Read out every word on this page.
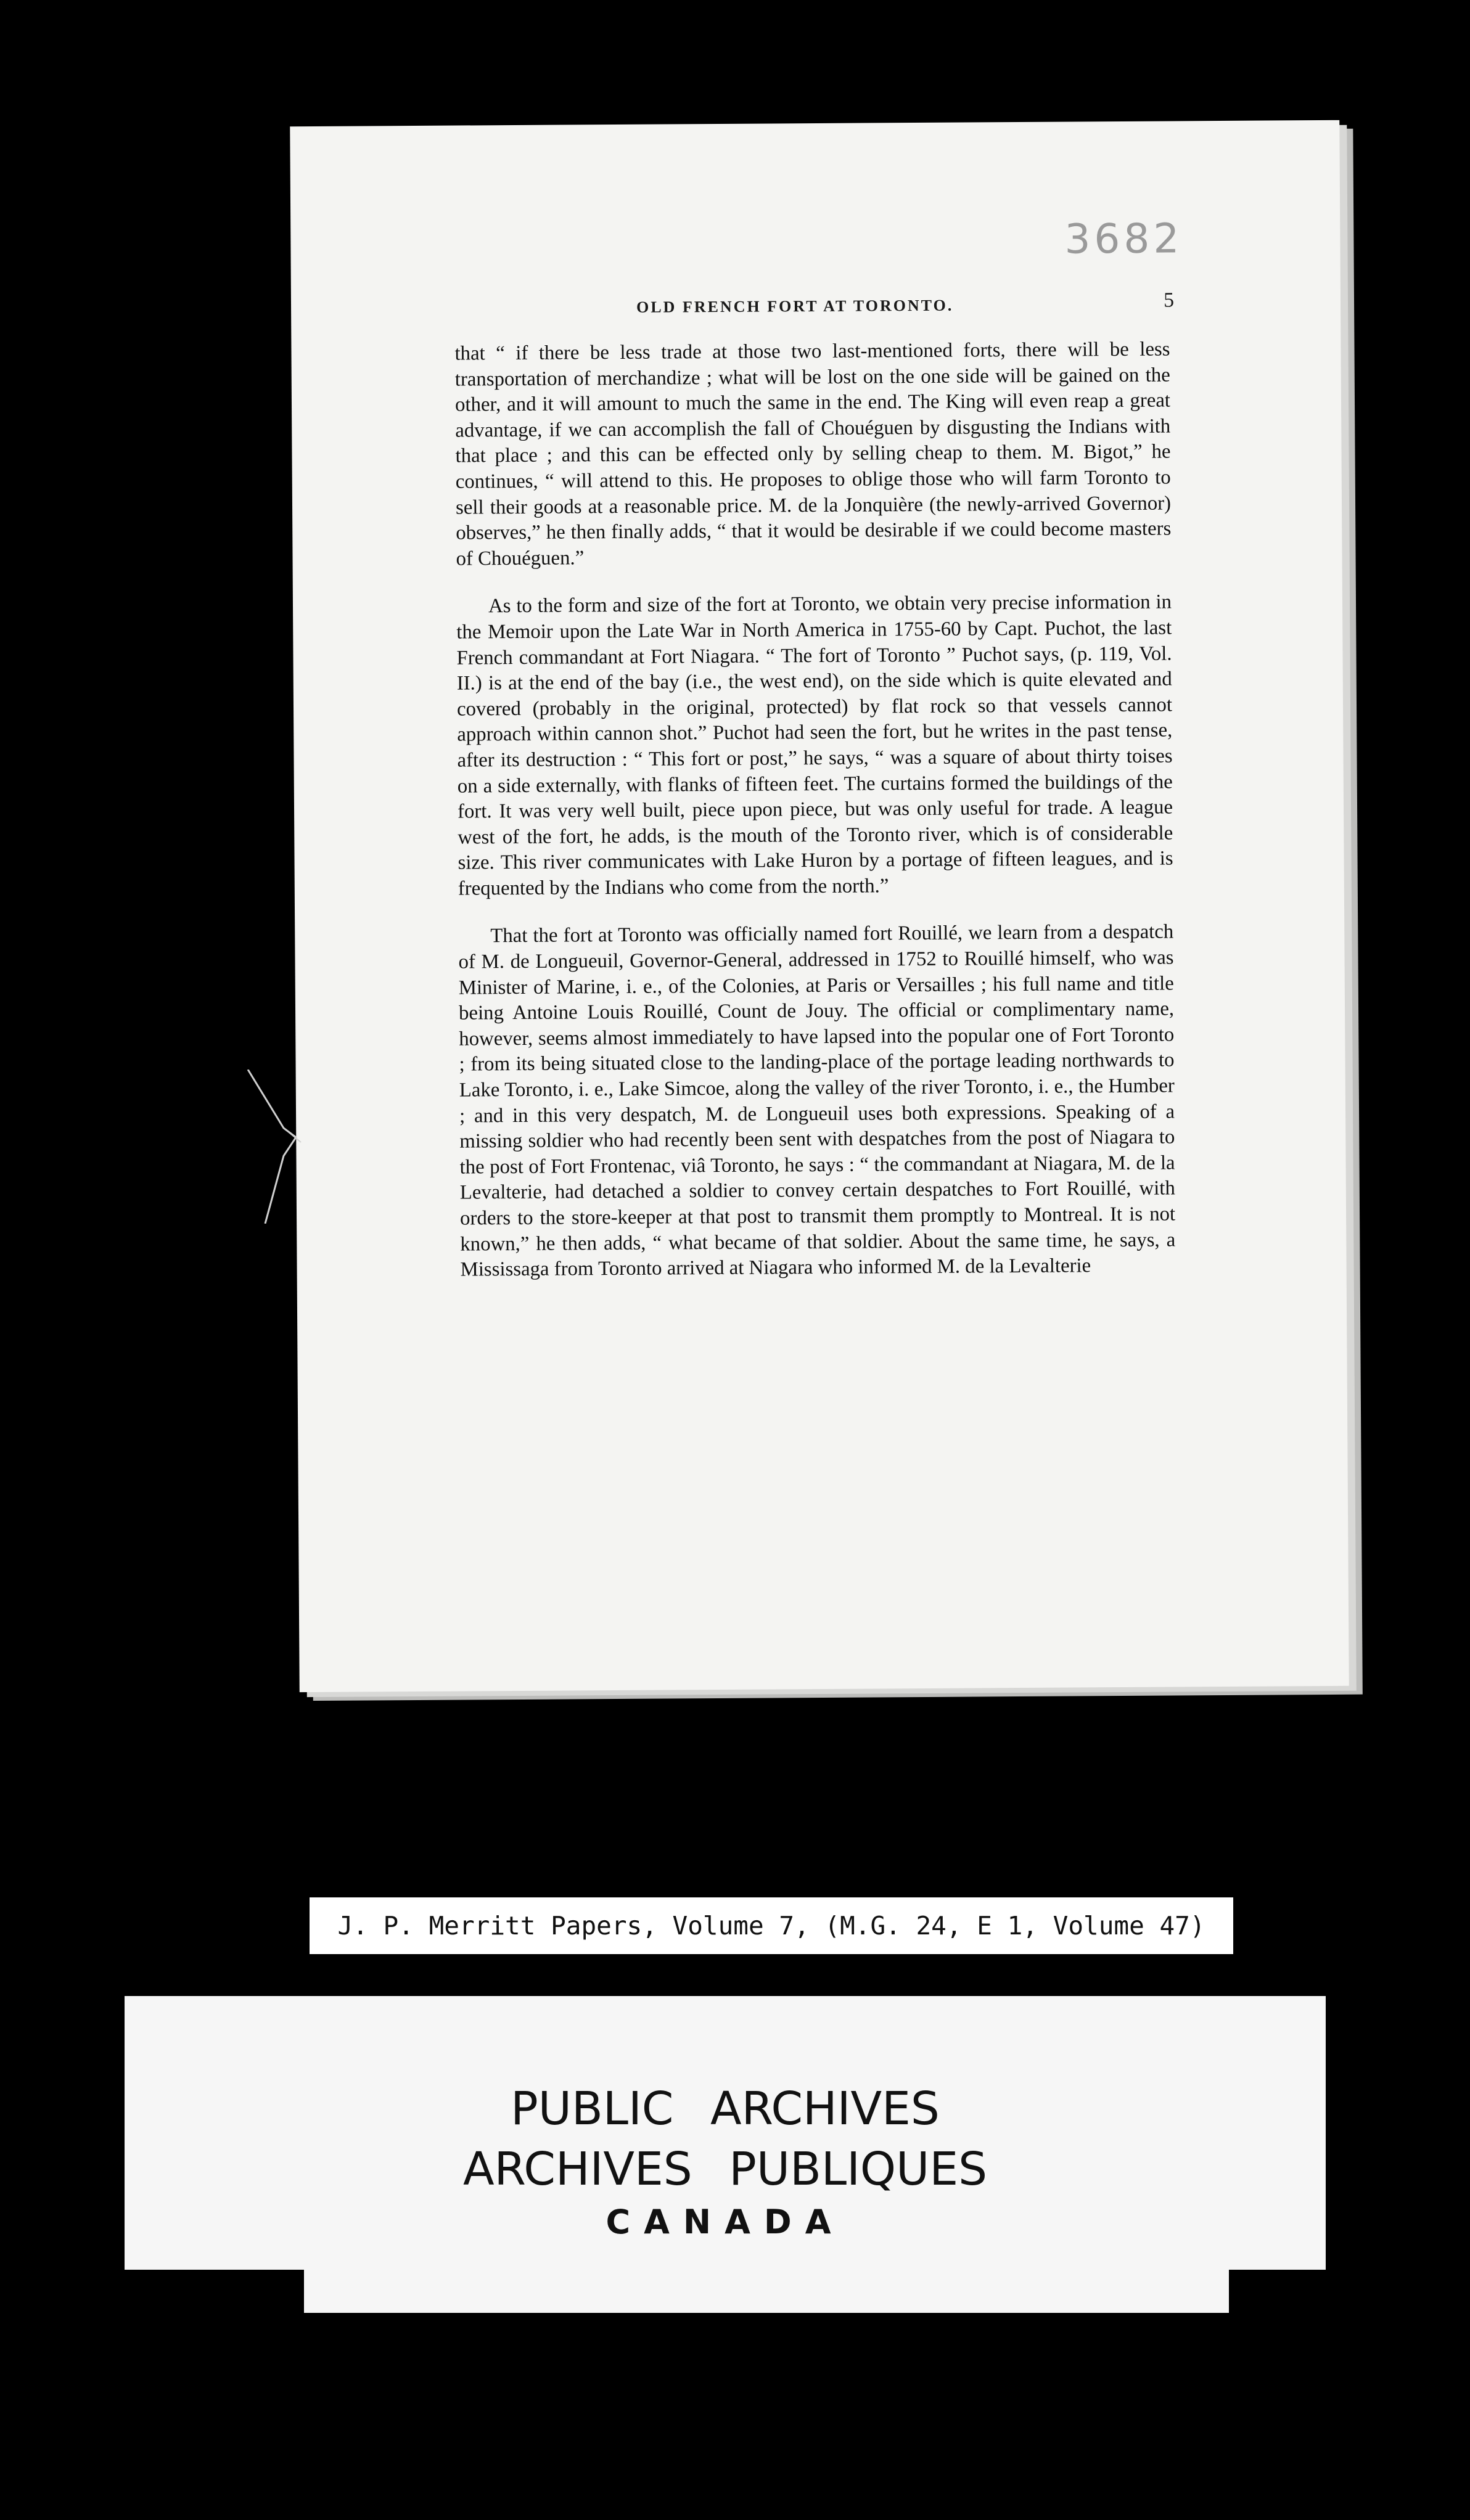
3682

OLD FRENCH FORT AT TORONTO.	5

that “ if there be less trade at those two last-mentioned forts, there will be less transportation of merchandize ; what will be lost on the one side will be gained on the other, and it will amount to much the same in the end. The King will even reap a great advantage, if we can accomplish the fall of Chouéguen by disgusting the Indians with that place ; and this can be effected only by selling cheap to them. M. Bigot,” he continues, “ will attend to this. He proposes to oblige those who will farm Toronto to sell their goods at a reasonable price. M. de la Jonquière (the newly-arrived Governor) observes,” he then finally adds, “ that it would be desirable if we could become masters of Chouéguen.”

As to the form and size of the fort at Toronto, we obtain very precise information in the Memoir upon the Late War in North America in 1755-60 by Capt. Puchot, the last French commandant at Fort Niagara. “ The fort of Toronto ” Puchot says, (p. 119, Vol. II.) is at the end of the bay (i.e., the west end), on the side which is quite elevated and covered (probably in the original, protected) by flat rock so that vessels cannot approach within cannon shot.” Puchot had seen the fort, but he writes in the past tense, after its destruction : “ This fort or post,” he says, “ was a square of about thirty toises on a side externally, with flanks of fifteen feet. The curtains formed the buildings of the fort. It was very well built, piece upon piece, but was only useful for trade. A league west of the fort, he adds, is the mouth of the Toronto river, which is of considerable size. This river communicates with Lake Huron by a portage of fifteen leagues, and is frequented by the Indians who come from the north.”

That the fort at Toronto was officially named fort Rouillé, we learn from a despatch of M. de Longueuil, Governor-General, addressed in 1752 to Rouillé himself, who was Minister of Marine, i. e., of the Colonies, at Paris or Versailles ; his full name and title being Antoine Louis Rouillé, Count de Jouy. The official or complimentary name, however, seems almost immediately to have lapsed into the popular one of Fort Toronto ; from its being situated close to the landing-place of the portage leading northwards to Lake Toronto, i. e., Lake Simcoe, along the valley of the river Toronto, i. e., the Humber ; and in this very despatch, M. de Longueuil uses both expressions. Speaking of a missing soldier who had recently been sent with despatches from the post of Niagara to the post of Fort Frontenac, viâ Toronto, he says : “ the commandant at Niagara, M. de la Levalterie, had detached a soldier to convey certain despatches to Fort Rouillé, with orders to the store-keeper at that post to transmit them promptly to Montreal. It is not known,” he then adds, “ what became of that soldier. About the same time, he says, a Mississaga from Toronto arrived at Niagara who informed M. de la Levalterie

J. P. Merritt Papers, Volume 7, (M.G. 24, E 1, Volume 47)

PUBLIC ARCHIVES

ARCHIVES PUBLIQUES

CANADA
